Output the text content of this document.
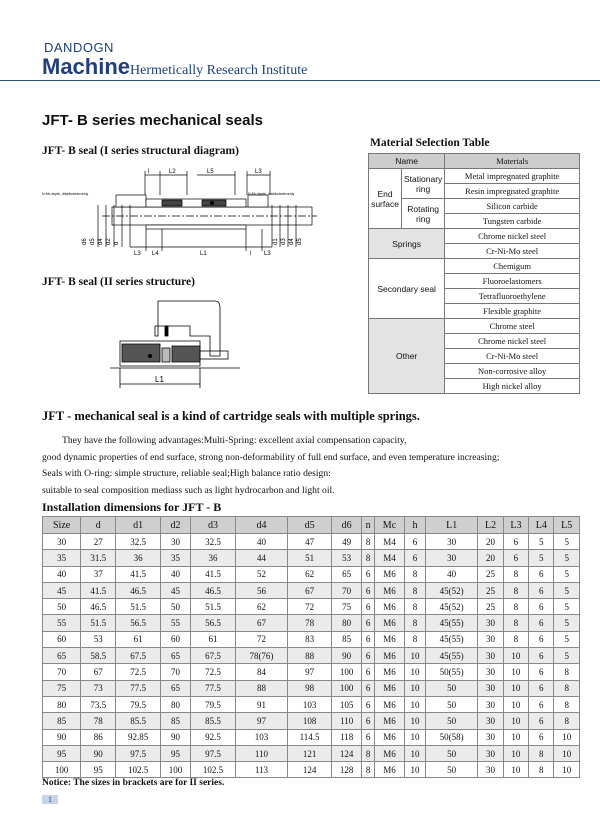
DANDOGN
MachineHermetically Research Institute
JFT- B series mechanical seals
JFT- B seal (I series structural diagram)
l	L2	L5	L3
N-Mc depth, distributedevenly	N-Mc depth, distributedevenly
L3 L4	L1	l L3
d6 d5 d4 d2 d	d1 d3 d4 d5
JFT- B seal (II series structure)
L1
Material Selection Table
Name		Materials
End surface	Stationary ring	Metal impregnated graphite
		Resin impregnated graphite
	Rotating ring	Silicon carbide
		Tungsten carbide
Springs		Chrome nickel steel
		Cr-Ni-Mo steel
Secondary seal		Chemigum
		Fluoroelastomers
		Tetrafluoroethylene
		Flexible graphite
Other		Chrome steel
		Chrome nickel steel
		Cr-Ni-Mo steel
		Non-corrosive alloy
		High nickel alloy
JFT - mechanical seal is a kind of cartridge seals with multiple springs.
They have the following advantages:Multi-Spring: excellent axial compensation capacity,
good dynamic properties of end surface, strong non-deformability of full end surface, and even temperature increasing;
Seals with O-ring: simple structure, reliable seal;High balance ratio design:
suitable to seal composition mediass such as light hydrocarbon and light oil.
Installation dimensions for JFT - B
Size	d	d1	d2	d3	d4	d5	d6	n	Mc	h	L1	L2	L3	L4	L5
30	27	32.5	30	32.5	40	47	49	8	M4	6	30	20	6	5	5
35	31.5	36	35	36	44	51	53	8	M4	6	30	20	6	5	5
40	37	41.5	40	41.5	52	62	65	6	M6	8	40	25	8	6	5
45	41.5	46.5	45	46.5	56	67	70	6	M6	8	45(52)	25	8	6	5
50	46.5	51.5	50	51.5	62	72	75	6	M6	8	45(52)	25	8	6	5
55	51.5	56.5	55	56.5	67	78	80	6	M6	8	45(55)	30	8	6	5
60	53	61	60	61	72	83	85	6	M6	8	45(55)	30	8	6	5
65	58.5	67.5	65	67.5	78(76)	88	90	6	M6	10	45(55)	30	10	6	5
70	67	72.5	70	72.5	84	97	100	6	M6	10	50(55)	30	10	6	8
75	73	77.5	65	77.5	88	98	100	6	M6	10	50	30	10	6	8
80	73.5	79.5	80	79.5	91	103	105	6	M6	10	50	30	10	6	8
85	78	85.5	85	85.5	97	108	110	6	M6	10	50	30	10	6	8
90	86	92.85	90	92.5	103	114.5	118	6	M6	10	50(58)	30	10	6	10
95	90	97.5	95	97.5	110	121	124	8	M6	10	50	30	10	8	10
100	95	102.5	100	102.5	113	124	128	8	M6	10	50	30	10	8	10
Notice: The sizes in brackets are for II series.
1
